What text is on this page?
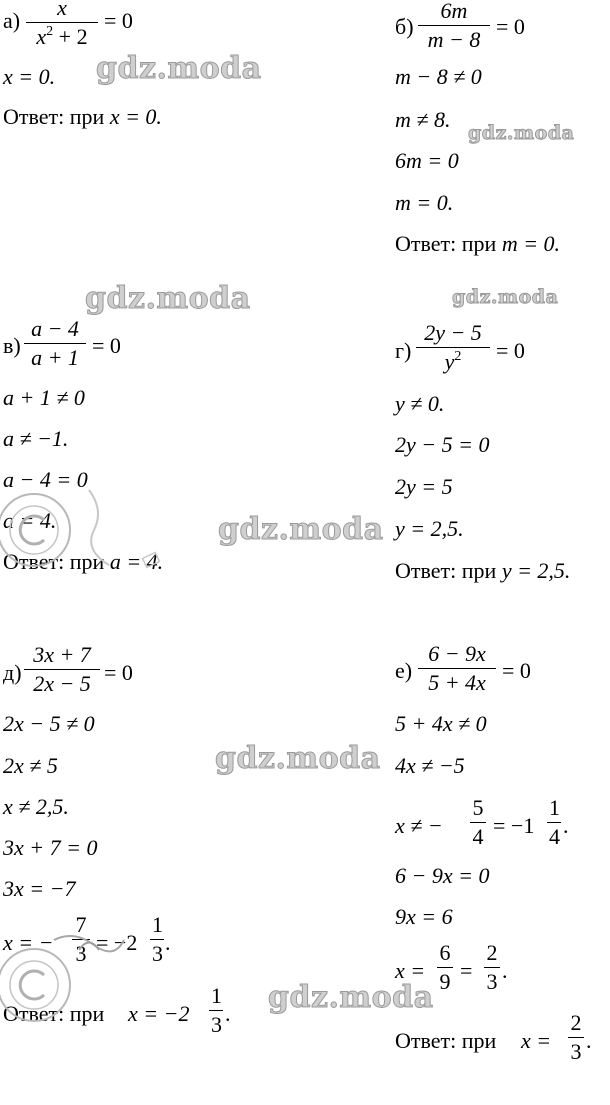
а)
x
$x^2 + 2$
= 0
x = 0.
Ответ: при x = 0.
б)
6m
m − 8
= 0
m − 8 ≠ 0
m ≠ 8.
6m = 0
m = 0.
Ответ: при m = 0.
в)
a − 4
a + 1 = 0
a + 1 ≠ 0
a ≠ −1.
a − 4 = 0
a = 4.
Ответ: при a = 4.
г)
2y − 5
$y^2$	= 0
y ≠ 0.
2y − 5 = 0
2y = 5
y = 2,5.
Ответ: при y = 2,5.
д)
3x + 7
2x − 5 = 0
2x − 5 ≠ 0
2x ≠ 5
x ≠ 2,5.
3x + 7 = 0
3x = −7
x = −
7
3 = −2
1
3 .
Ответ: при x = −2
1
3 .
е)
6 − 9x
5 + 4x = 0
5 + 4x ≠ 0
4x ≠ −5
x ≠ −
5
4 = −1
1
4 .
6 − 9x = 0
9x = 6
x =
6
9 =
2
3 .
Ответ: при x =
2
3 .
gdz.moda
gdz.moda
gdz.moda	gdz.moda
gdz.moda
gdz.moda
gdz.moda
